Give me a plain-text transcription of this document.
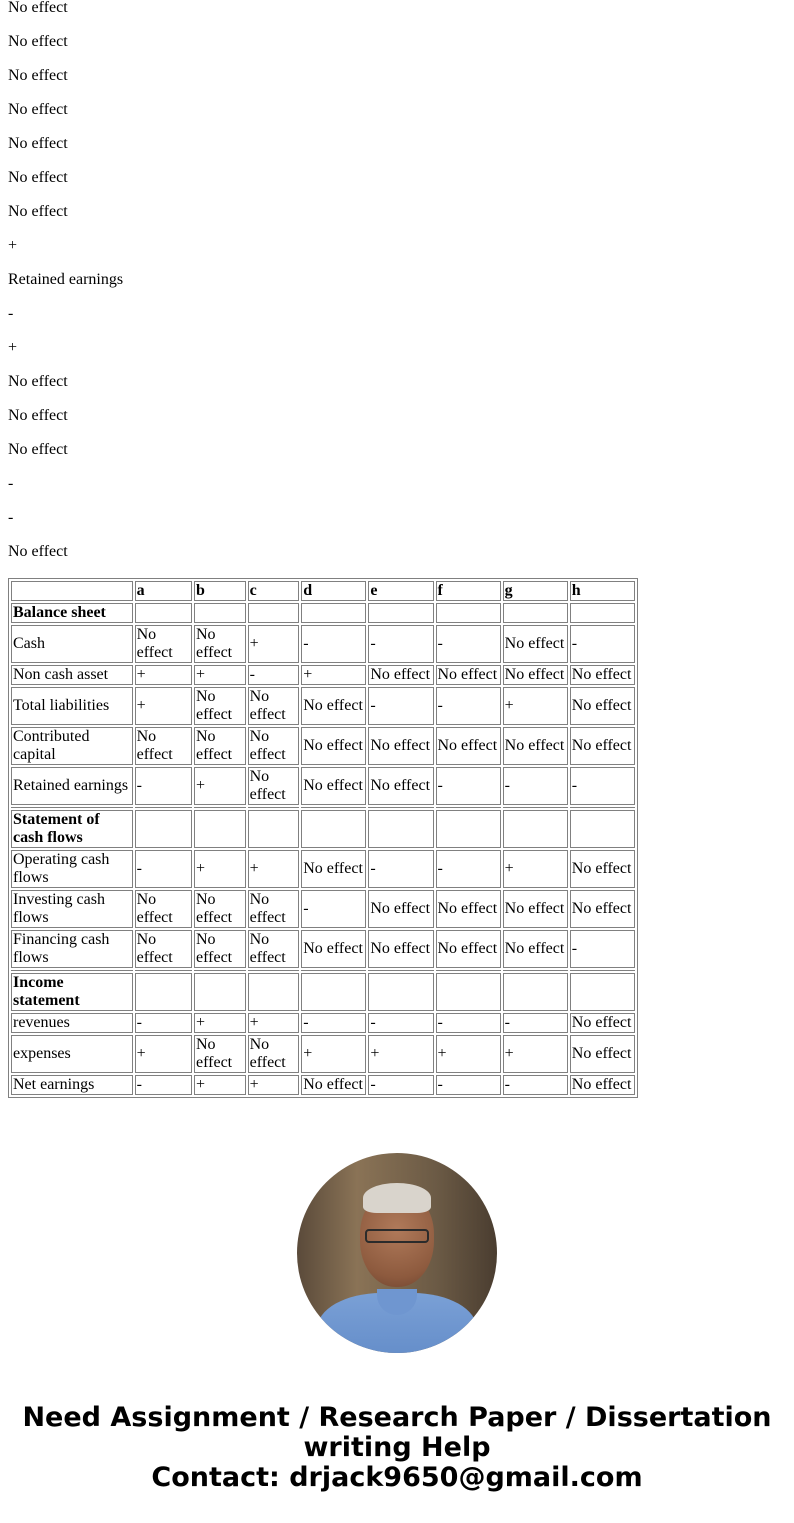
No effect

No effect

No effect

No effect

No effect

No effect

No effect

+

Retained earnings

-

+

No effect

No effect

No effect

-

-

No effect

	a	b	c	d	e	f	g	h
Balance sheet								
Cash	No effect	No effect	+	-	-	-	No effect	-
Non cash asset	+	+	-	+	No effect	No effect	No effect	No effect
Total liabilities	+	No effect	No effect	No effect	-	-	+	No effect
Contributed capital	No effect	No effect	No effect	No effect	No effect	No effect	No effect	No effect
Retained earnings	-	+	No effect	No effect	No effect	-	-	-

Statement of cash flows								
Operating cash flows	-	+	+	No effect	-	-	+	No effect
Investing cash flows	No effect	No effect	No effect	-	No effect	No effect	No effect	No effect
Financing cash flows	No effect	No effect	No effect	No effect	No effect	No effect	No effect	-

Income statement								
revenues	-	+	+	-	-	-	-	No effect
expenses	+	No effect	No effect	+	+	+	+	No effect
Net earnings	-	+	+	No effect	-	-	-	No effect
Need Assignment / Research Paper / Dissertation writing Help
Contact: drjack9650@gmail.com
